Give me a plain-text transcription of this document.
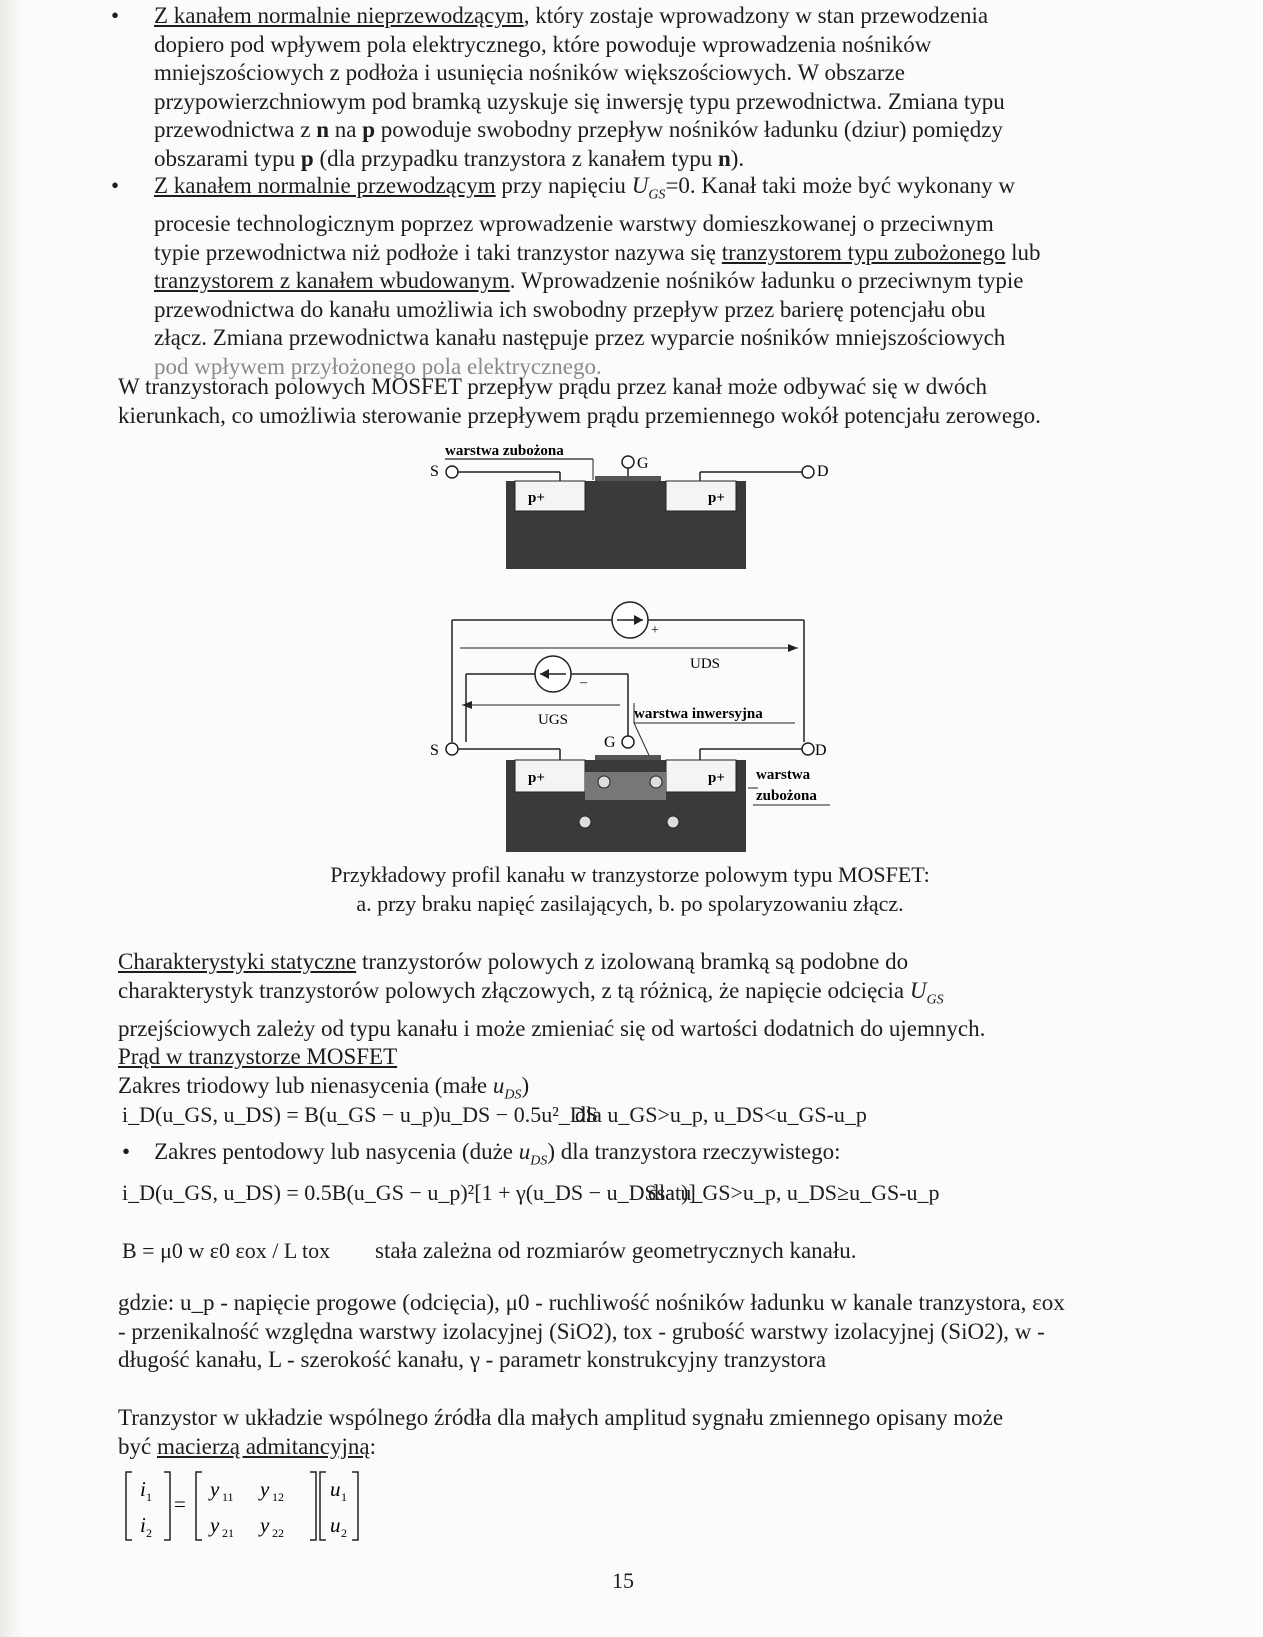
• Z kanałem normalnie nieprzewodzącym, który zostaje wprowadzony w stan przewodzenia
dopiero pod wpływem pola elektrycznego, które powoduje wprowadzenia nośników
mniejszościowych z podłoża i usunięcia nośników większościowych. W obszarze
przypowierzchniowym pod bramką uzyskuje się inwersję typu przewodnictwa. Zmiana typu
przewodnictwa z n na p powoduje swobodny przepływ nośników ładunku (dziur) pomiędzy
obszarami typu p (dla przypadku tranzystora z kanałem typu n).
• Z kanałem normalnie przewodzącym przy napięciu $U_{GS}=0$. Kanał taki może być wykonany w
procesie technologicznym poprzez wprowadzenie warstwy domieszkowanej o przeciwnym
typie przewodnictwa niż podłoże i taki tranzystor nazywa się tranzystorem typu zubożonego lub
tranzystorem z kanałem wbudowanym. Wprowadzenie nośników ładunku o przeciwnym typie
przewodnictwa do kanału umożliwia ich swobodny przepływ przez barierę potencjału obu
złącz. Zmiana przewodnictwa kanału następuje przez wyparcie nośników mniejszościowych
pod wpływem przyłożonego pola elektrycznego.
W tranzystorach polowych MOSFET przepływ prądu przez kanał może odbywać się w dwóch
kierunkach, co umożliwia sterowanie przepływem prądu przemiennego wokół potencjału zerowego.
warstwa zubożona
S	G	D
p+	p+
+
UDS
–
UGS	warstwa inwersyjna
S	G	D
p+	p+ warstwa
zubożona
Przykładowy profil kanału w tranzystorze polowym typu MOSFET:
a. przy braku napięć zasilających, b. po spolaryzowaniu złącz.
Charakterystyki statyczne tranzystorów polowych z izolowaną bramką są podobne do
charakterystyk tranzystorów polowych złączowych, z tą różnicą, że napięcie odcięcia $U_{GS}$
przejściowych zależy od typu kanału i może zmieniać się od wartości dodatnich do ujemnych.
Prąd w tranzystorze MOSFET
Zakres triodowy lub nienasycenia (małe $u_{DS}$)
i_D(u_GS, u_DS) = B(u_GS − u_p)u_DS − 0.5u²_DS
dla u_GS>u_p, u_DS<u_GS-u_p
• Zakres pentodowy lub nasycenia (duże $u_{DS}$) dla tranzystora rzeczywistego:
i_D(u_GS, u_DS) = 0.5B(u_GS − u_p)²[1 + γ(u_DS − u_DSsat)]
dla u_GS>u_p, u_DS≥u_GS-u_p
B = μ0 w ε0 εox / L tox stała zależna od rozmiarów geometrycznych kanału.
gdzie: u_p - napięcie progowe (odcięcia), μ0 - ruchliwość nośników ładunku w kanale tranzystora, εox
- przenikalność względna warstwy izolacyjnej (SiO2), tox - grubość warstwy izolacyjnej (SiO2), w -
długość kanału, L - szerokość kanału, γ - parametr konstrukcyjny tranzystora
Tranzystor w układzie wspólnego źródła dla małych amplitud sygnału zmiennego opisany może
być macierzą admitancyjną:
i 1
i 2
=
y 11 y 12
y 21 y 22
u 1
u 2
15
